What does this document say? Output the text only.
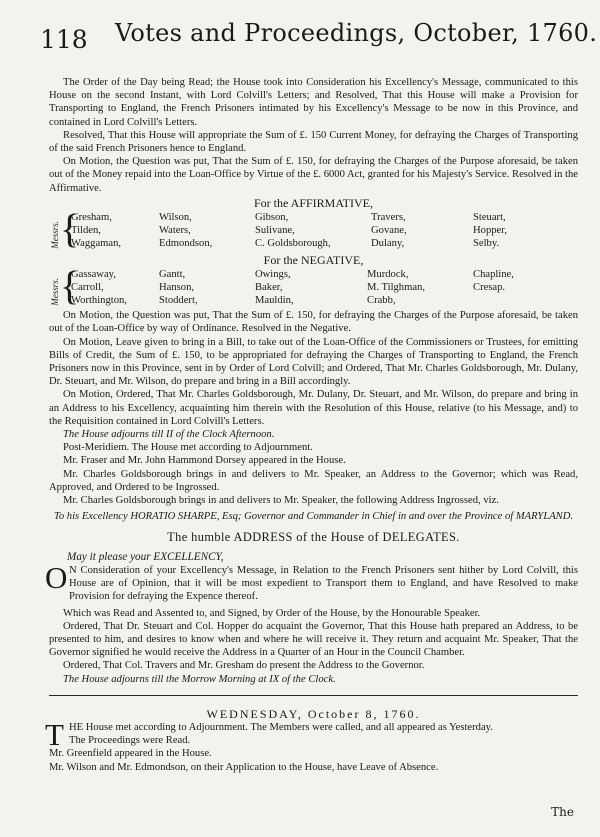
118 Votes and Proceedings, October, 1760.

The Order of the Day being Read; the House took into Consideration his Excellency's Message, communicated to this House on the second Instant, with Lord Colvill's Letters; and Resolved, That this House will make a Provision for Transporting to England, the French Prisoners intimated by his Excellency's Message to be now in this Province, and contained in Lord Colvill's Letters.

Resolved, That this House will appropriate the Sum of £. 150 Current Money, for defraying the Charges of Transporting of the said French Prisoners hence to England.

On Motion, the Question was put, That the Sum of £. 150, for defraying the Charges of the Purpose aforesaid, be taken out of the Money repaid into the Loan-Office by Virtue of the £. 6000 Act, granted for his Majesty's Service. Resolved in the Affirmative.

For the AFFIRMATIVE,
Messrs. {
Gresham,	Wilson,	Gibson,	Travers,	Steuart,
Tilden,	Waters,	Sulivane,	Govane,	Hopper,
Waggaman,	Edmondson,	C. Goldsborough,	Dulany,	Selby.
For the NEGATIVE,
Messrs. {
Gassaway,	Gantt,	Owings,	Murdock,	Chapline,
Carroll,	Hanson,	Baker,	M. Tilghman,	Cresap.
Worthington,	Stoddert,	Mauldin,	Crabb,

On Motion, the Question was put, That the Sum of £. 150, for defraying the Charges of the Purpose aforesaid, be taken out of the Loan-Office by way of Ordinance. Resolved in the Negative.

On Motion, Leave given to bring in a Bill, to take out of the Loan-Office of the Commissioners or Trustees, for emitting Bills of Credit, the Sum of £. 150, to be appropriated for defraying the Charges of Transporting to England, the French Prisoners now in this Province, sent in by Order of Lord Colvill; and Ordered, That Mr. Charles Goldsborough, Mr. Dulany, Dr. Steuart, and Mr. Wilson, do prepare and bring in a Bill accordingly.

On Motion, Ordered, That Mr. Charles Goldsborough, Mr. Dulany, Dr. Steuart, and Mr. Wilson, do prepare and bring in an Address to his Excellency, acquainting him therein with the Resolution of this House, relative (to his Message, and) to the Requisition contained in Lord Colvill's Letters.

The House adjourns till II of the Clock Afternoon.

Post-Meridiem. The House met according to Adjournment.

Mr. Fraser and Mr. John Hammond Dorsey appeared in the House.

Mr. Charles Goldsborough brings in and delivers to Mr. Speaker, an Address to the Governor; which was Read, Approved, and Ordered to be Ingrossed.

Mr. Charles Goldsborough brings in and delivers to Mr. Speaker, the following Address Ingrossed, viz.

To his Excellency HORATIO SHARPE, Esq; Governor and Commander in Chief in and over the Province of MARYLAND.

The humble ADDRESS of the House of DELEGATES.
May it please your EXCELLENCY,

O N Consideration of your Excellency's Message, in Relation to the French Prisoners sent hither by Lord Colvill, this House are of Opinion, that it will be most expedient to Transport them to England, and have Resolved to make Provision for defraying the Expence thereof.

Which was Read and Assented to, and Signed, by Order of the House, by the Honourable Speaker.

Ordered, That Dr. Steuart and Col. Hopper do acquaint the Governor, That this House hath prepared an Address, to be presented to him, and desires to know when and where he will receive it. They return and acquaint Mr. Speaker, That the Governor signified he would receive the Address in a Quarter of an Hour in the Council Chamber.

Ordered, That Col. Travers and Mr. Gresham do present the Address to the Governor.

The House adjourns till the Morrow Morning at IX of the Clock.

WEDNESDAY, October 8, 1760.

T HE House met according to Adjournment. The Members were called, and all appeared as Yesterday.
The Proceedings were Read.

Mr. Greenfield appeared in the House.

Mr. Wilson and Mr. Edmondson, on their Application to the House, have Leave of Absence.

The
